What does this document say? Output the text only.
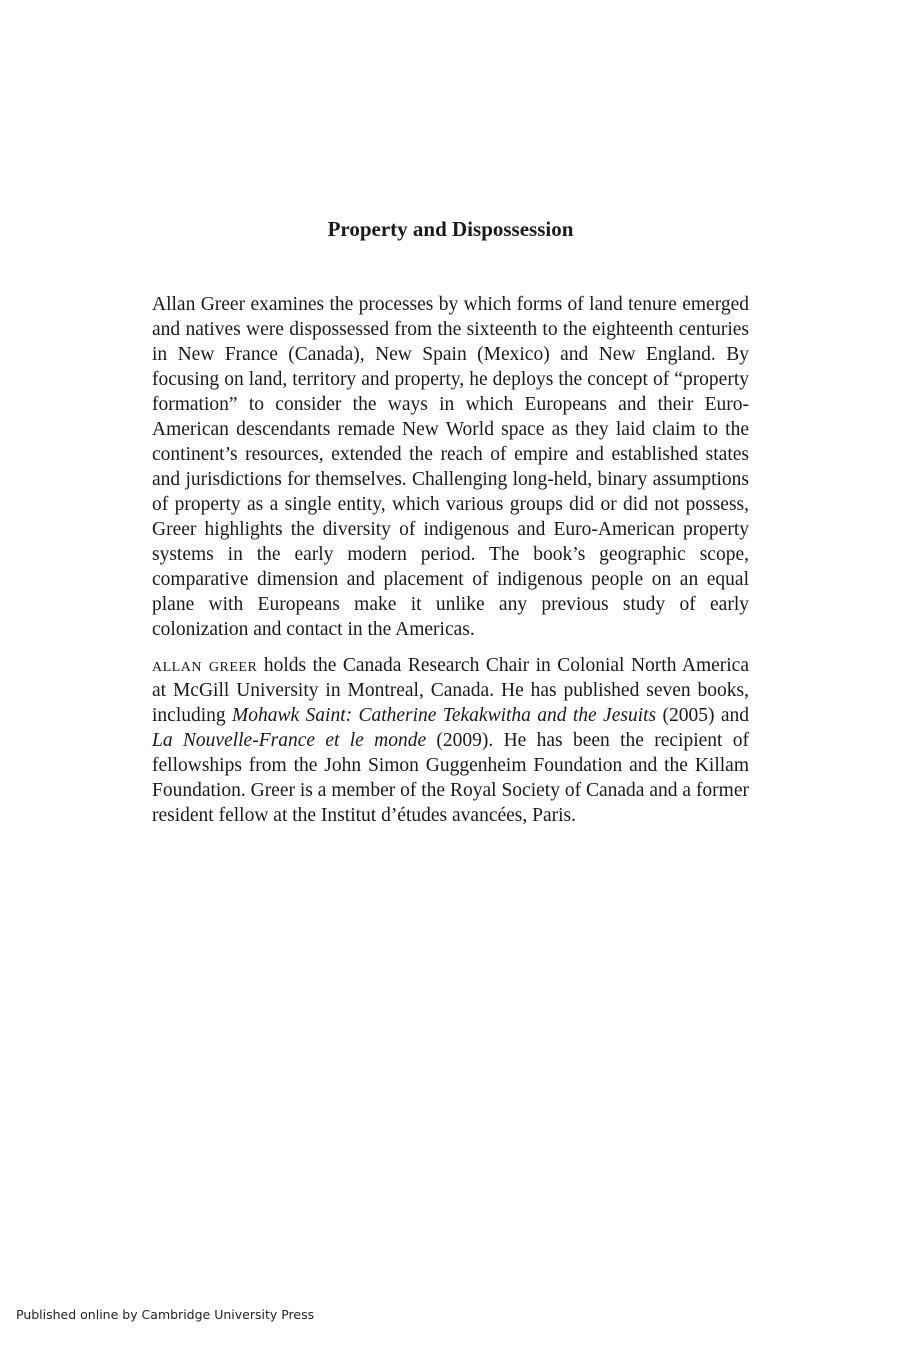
Property and Dispossession

Allan Greer examines the processes by which forms of land tenure emerged and natives were dispossessed from the sixteenth to the eighteenth centuries in New France (Canada), New Spain (Mexico) and New England. By focusing on land, territory and property, he deploys the concept of “property formation” to consider the ways in which Europeans and their Euro-American descendants remade New World space as they laid claim to the continent’s resources, extended the reach of empire and established states and jurisdictions for themselves. Challenging long-held, binary assumptions of property as a single entity, which various groups did or did not possess, Greer highlights the diversity of indigenous and Euro-American property systems in the early modern period. The book’s geographic scope, comparative dimension and placement of indigenous people on an equal plane with Europeans make it unlike any previous study of early colonization and contact in the Americas.

allan greer holds the Canada Research Chair in Colonial North America at McGill University in Montreal, Canada. He has published seven books, including Mohawk Saint: Catherine Tekakwitha and the Jesuits (2005) and La Nouvelle-France et le monde (2009). He has been the recipient of fellowships from the John Simon Guggenheim Foundation and the Killam Foundation. Greer is a member of the Royal Society of Canada and a former resident fellow at the Institut d’études avancées, Paris.

Published online by Cambridge University Press
